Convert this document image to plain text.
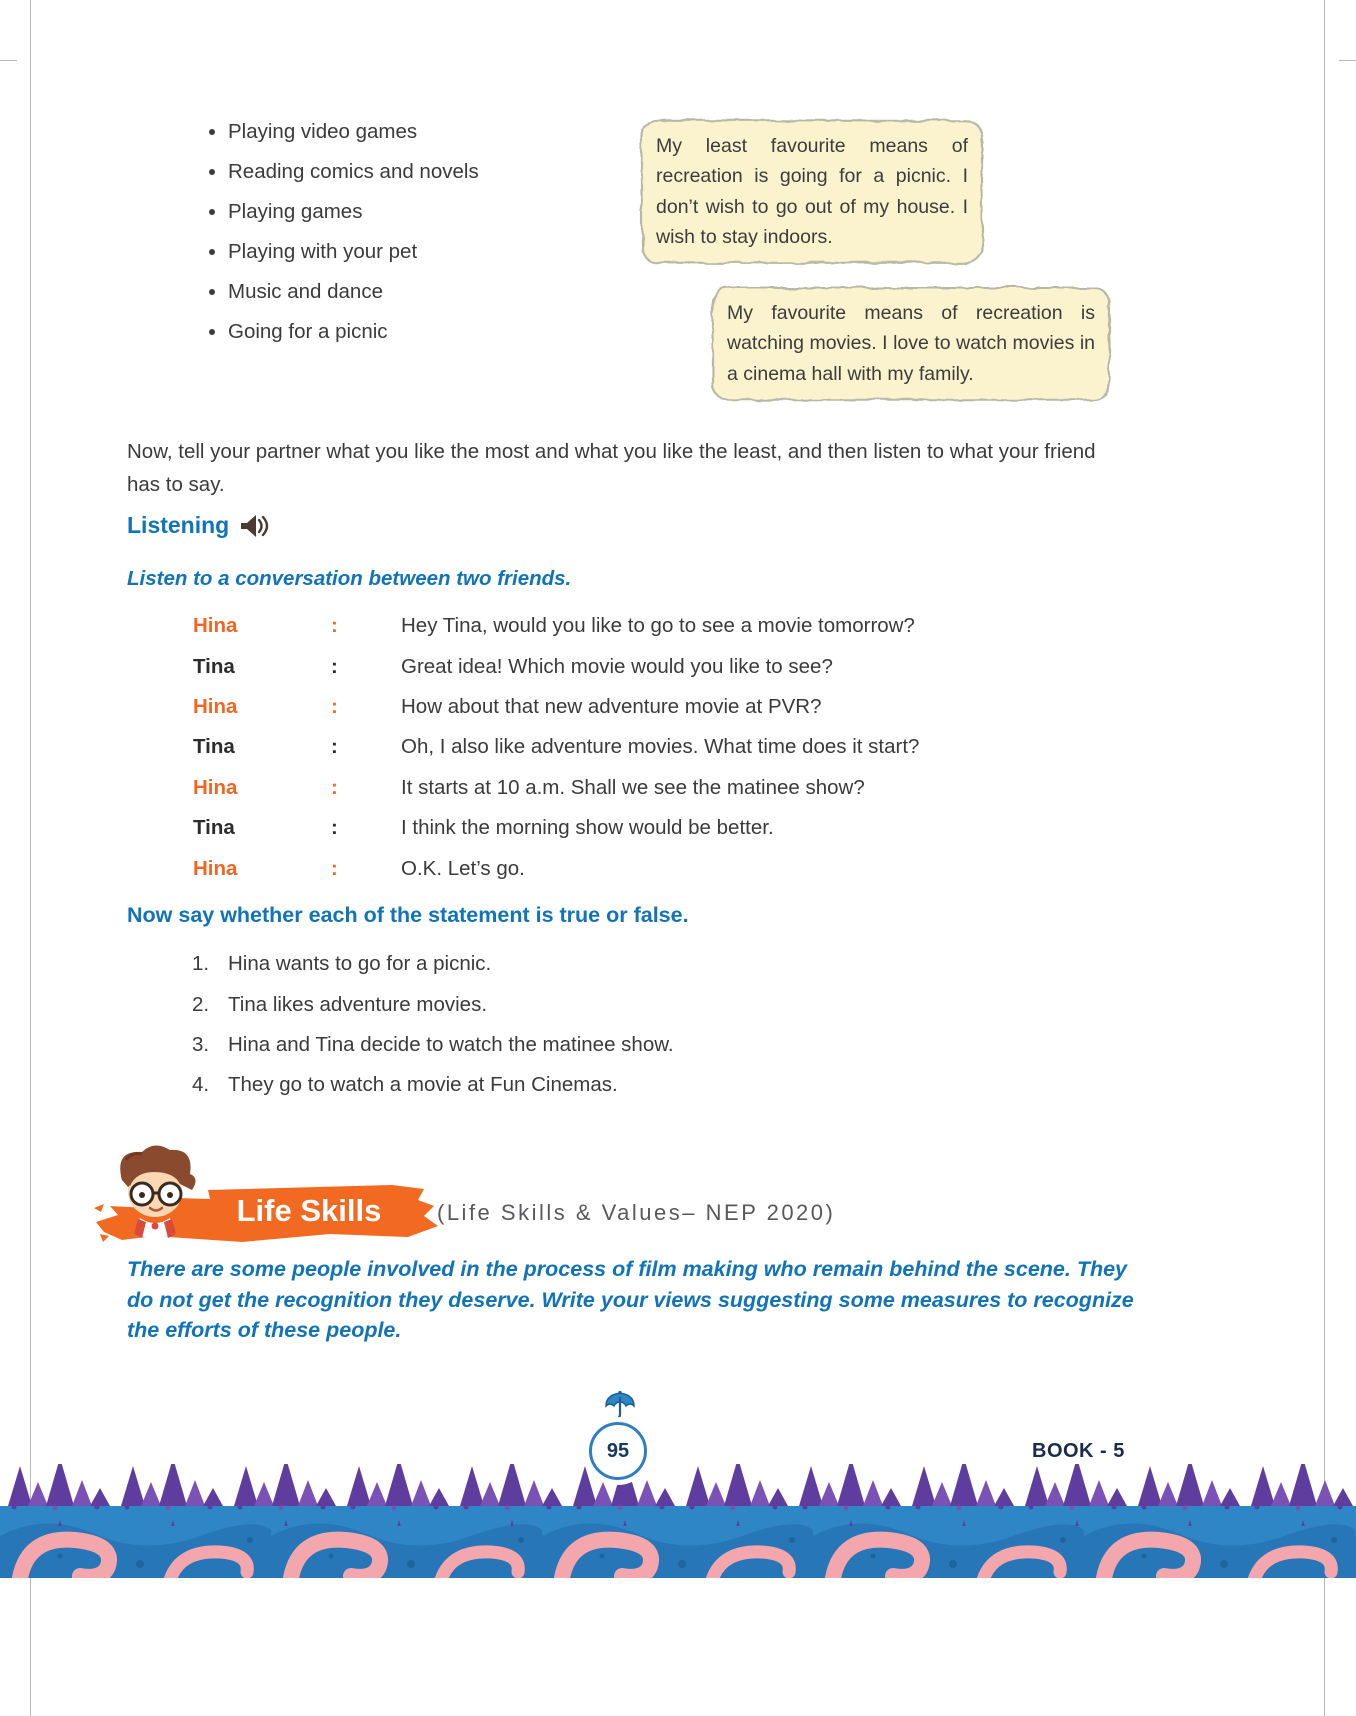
• Playing video games
• Reading comics and novels
• Playing games
• Playing with your pet
• Music and dance
• Going for a picnic
My least favourite means of recreation is going for a picnic. I don’t wish to go out of my house. I wish to stay indoors.
My favourite means of recreation is watching movies. I love to watch movies in a cinema hall with my family.

Now, tell your partner what you like the most and what you like the least, and then listen to what your friend has to say.

Listening
Listen to a conversation between two friends.
Hina	:	Hey Tina, would you like to go to see a movie tomorrow?
Tina	:	Great idea! Which movie would you like to see?
Hina	:	How about that new adventure movie at PVR?
Tina	:	Oh, I also like adventure movies. What time does it start?
Hina	:	It starts at 10 a.m. Shall we see the matinee show?
Tina	:	I think the morning show would be better.
Hina	:	O.K. Let’s go.
Now say whether each of the statement is true or false.
1. Hina wants to go for a picnic.
2. Tina likes adventure movies.
3. Hina and Tina decide to watch the matinee show.
4. They go to watch a movie at Fun Cinemas.
Life Skills	(Life Skills & Values– NEP 2020)

There are some people involved in the process of film making who remain behind the scene. They do not get the recognition they deserve. Write your views suggesting some measures to recognize the efforts of these people.

95	BOOK - 5
